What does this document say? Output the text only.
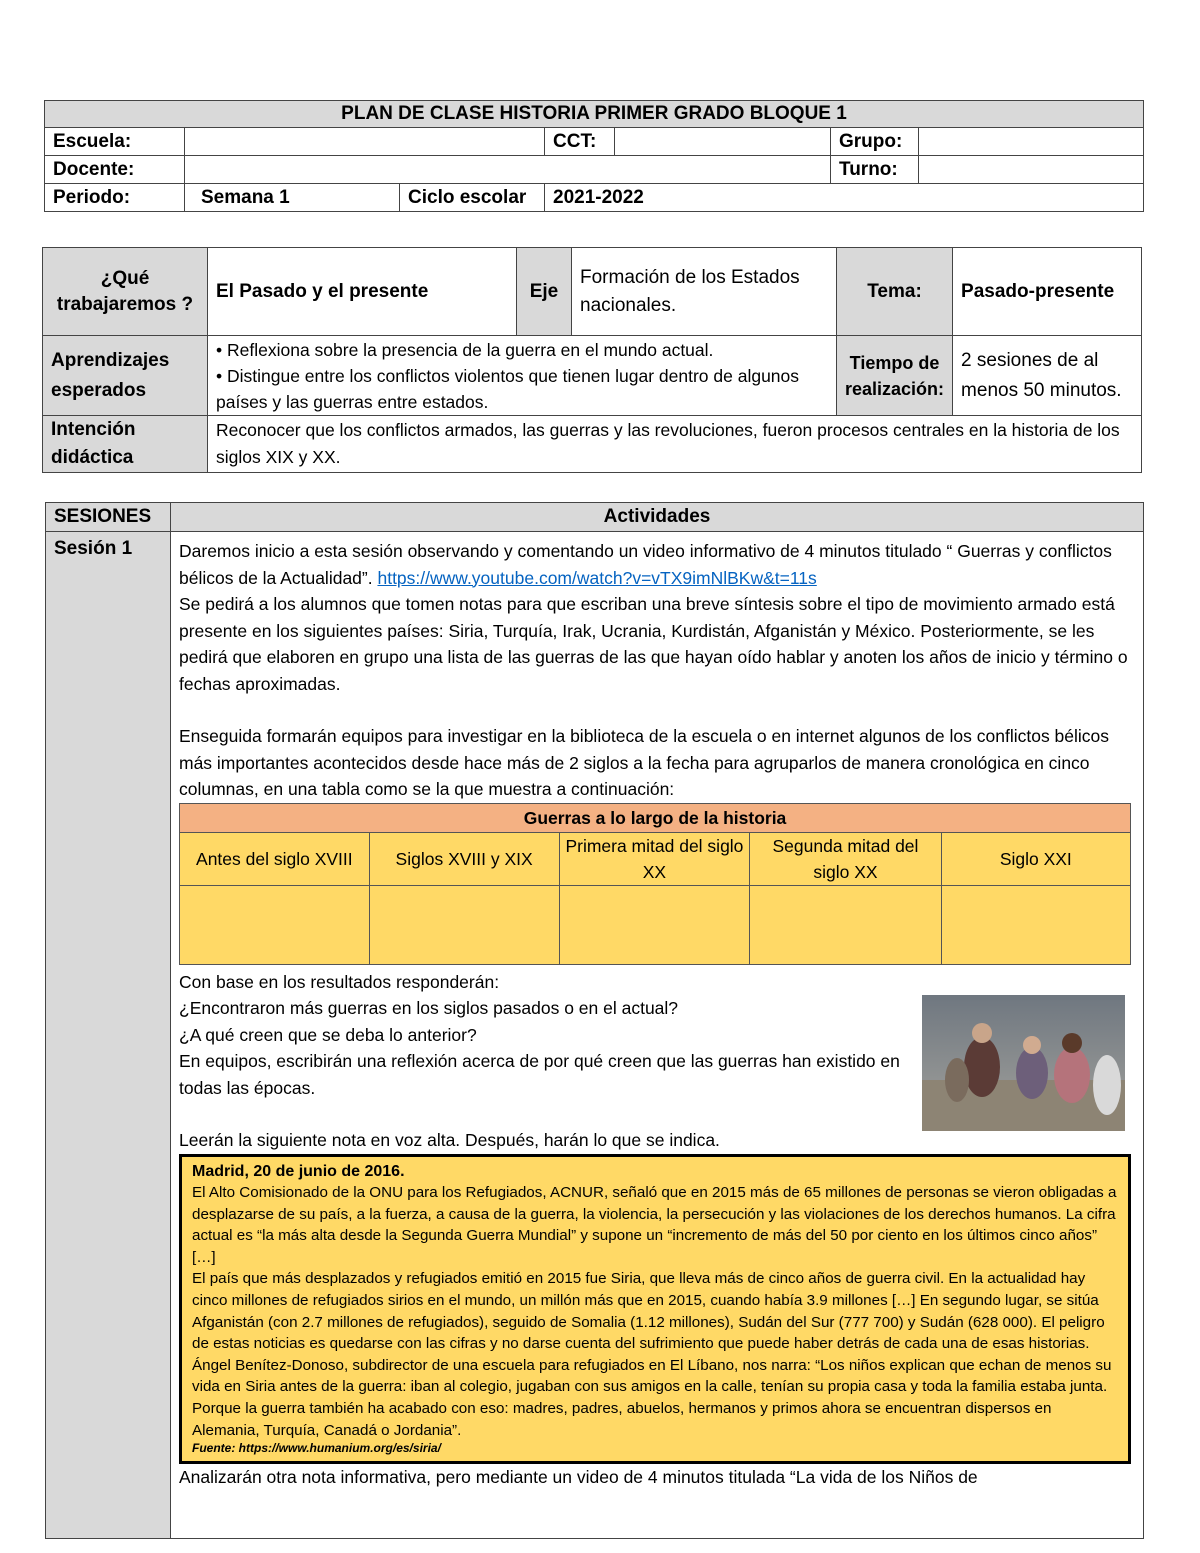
PLAN DE CLASE HISTORIA PRIMER GRADO BLOQUE 1
Escuela:		CCT:		Grupo:	
Docente:		Turno:	
Periodo:		Semana 1	Ciclo escolar
	2021-2022
¿Qué trabajaremos ?	El Pasado y el presente	Eje	Formación de los Estados nacionales.	Tema:	Pasado-presente
Aprendizajes esperados	• Reflexiona sobre la presencia de la guerra en el mundo actual.
• Distingue entre los conflictos violentos que tienen lugar dentro de algunos países y las guerras entre estados.			Tiempo de realización:	2 sesiones de al menos 50 minutos.
Intención didáctica	Reconocer que los conflictos armados, las guerras y las revoluciones, fueron procesos centrales en la historia de los siglos XIX y XX.				
SESIONES	Actividades
Sesión 1	Daremos inicio a esta sesión observando y comentando un video informativo de 4 minutos titulado “ Guerras y conflictos bélicos de la Actualidad”. https://www.youtube.com/watch?v=vTX9imNlBKw&t=11s

Se pedirá a los alumnos que tomen notas para que escriban una breve síntesis sobre el tipo de movimiento armado está presente en los siguientes países: Siria, Turquía, Irak, Ucrania, Kurdistán, Afganistán y México. Posteriormente, se les pedirá que elaboren en grupo una lista de las guerras de las que hayan oído hablar y anoten los años de inicio y término o fechas aproximadas.

Enseguida formarán equipos para investigar en la biblioteca de la escuela o en internet algunos de los conflictos bélicos más importantes acontecidos desde hace más de 2 siglos a la fecha para agruparlos de manera cronológica en cinco columnas, en una tabla como se la que muestra a continuación:

Guerras a lo largo de la historia
Antes del siglo XVIII	Siglos XVIII y XIX	Primera mitad del siglo XX	Segunda mitad del siglo XX	Siglo XXI

Con base en los resultados responderán:

¿Encontraron más guerras en los siglos pasados o en el actual?

¿A qué creen que se deba lo anterior?

En equipos, escribirán una reflexión acerca de por qué creen que las guerras han existido en todas las épocas.

Leerán la siguiente nota en voz alta. Después, harán lo que se indica.

Madrid, 20 de junio de 2016.
El Alto Comisionado de la ONU para los Refugiados, ACNUR, señaló que en 2015 más de 65 millones de personas se vieron obligadas a desplazarse de su país, a la fuerza, a causa de la guerra, la violencia, la persecución y las violaciones de los derechos humanos. La cifra actual es “la más alta desde la Segunda Guerra Mundial” y supone un “incremento de más del 50 por ciento en los últimos cinco años” […]
El país que más desplazados y refugiados emitió en 2015 fue Siria, que lleva más de cinco años de guerra civil. En la actualidad hay cinco millones de refugiados sirios en el mundo, un millón más que en 2015, cuando había 3.9 millones […] En segundo lugar, se sitúa Afganistán (con 2.7 millones de refugiados), seguido de Somalia (1.12 millones), Sudán del Sur (777 700) y Sudán (628 000). El peligro de estas noticias es quedarse con las cifras y no darse cuenta del sufrimiento que puede haber detrás de cada una de esas historias. Ángel Benítez-Donoso, subdirector de una escuela para refugiados en El Líbano, nos narra: “Los niños explican que echan de menos su vida en Siria antes de la guerra: iban al colegio, jugaban con sus amigos en la calle, tenían su propia casa y toda la familia estaba junta. Porque la guerra también ha acabado con eso: madres, padres, abuelos, hermanos y primos ahora se encuentran dispersos en Alemania, Turquía, Canadá o Jordania”.
Fuente: https://www.humanium.org/es/siria/

Analizarán otra nota informativa, pero mediante un video de 4 minutos titulada “La vida de los Niños de
